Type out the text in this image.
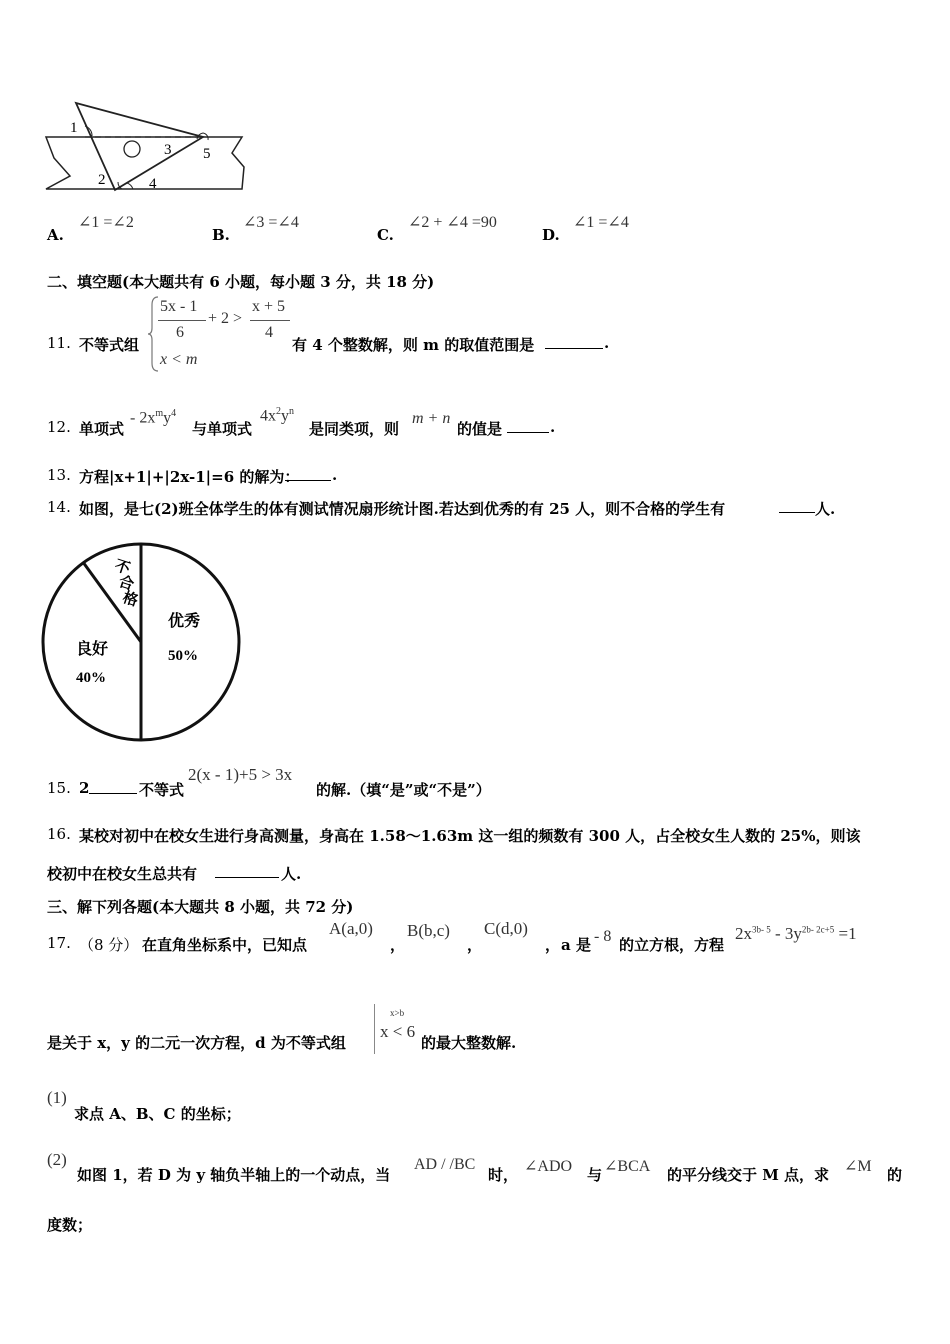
1
2
3
4
5
A.
∠1 =∠2
B.
∠3 =∠4
C.
∠2 + ∠4 =90
D.
∠1 =∠4
二、填空题(本大题共有 6 小题，每小题 3 分，共 18 分)
11. 不等式组
5x - 1
6
+ 2 >
x + 5
4
x < m
有 4 个整数解，则 m 的取值范围是	.
12. 单项式
- $2x^my^4$
与单项式
$4x^2y^n$
是同类项，则
m + n
的值是	.
13. 方程|x+1|+|2x-1|=6 的解为： .
14. 如图，是七(2)班全体学生的体有测试情况扇形统计图.若达到优秀的有 25 人，则不合格的学生有	人.
优秀
50%
良好
40%
不
合
格
15. 2	不等式
2(x - 1)+5 > 3x
的解.（填“是”或“不是”）
16. 某校对初中在校女生进行身高测量，身高在 1.58～1.63m 这一组的频数有 300 人，占全校女生人数的 25%，则该
校初中在校女生总共有	人.
三、解下列各题(本大题共 8 小题，共 72 分)
17. （8 分） 在直角坐标系中，已知点
A(a,0)
，
B(b,c)
，
C(d,0)
， a 是 - 8 的立方根，方程
$2x^{3b- 5} - 3y^{2b- 2c+5} =1$
是关于 x，y 的二元一次方程，d 为不等式组
x>b
x < 6
的最大整数解.
(1)
求点 A、B、C 的坐标；
(2)
如图 1，若 D 为 y 轴负半轴上的一个动点，当
AD / /BC
时， ∠ADO 与 ∠BCA 的平分线交于 M 点，求 ∠M 的
度数；
